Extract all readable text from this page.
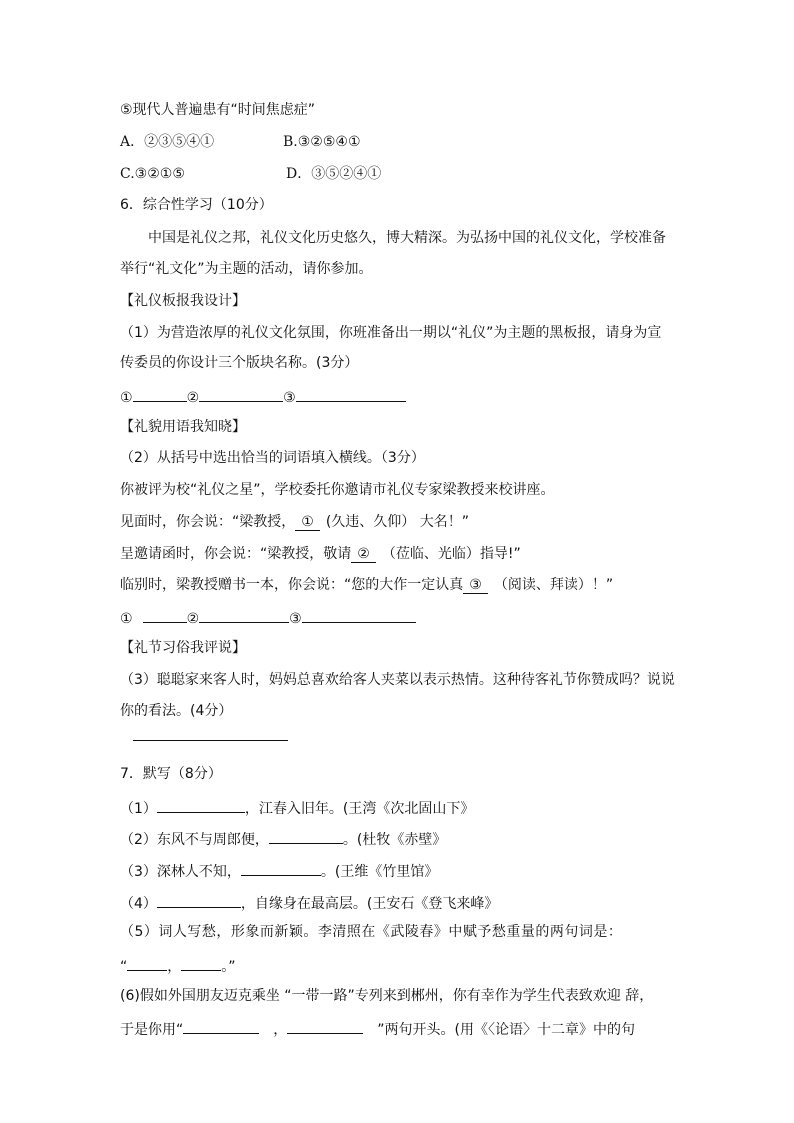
⑤现代人普遍患有“时间焦虑症”
A．②③⑤④①	B.③②⑤④①
C.③②①⑤	D．③⑤②④①
6．综合性学习（10分）
中国是礼仪之邦，礼仪文化历史悠久，博大精深。为弘扬中国的礼仪文化，学校准备
举行“礼文化”为主题的活动，请你参加。
【礼仪板报我设计】
（1）为营造浓厚的礼仪文化氛围，你班准备出一期以“礼仪”为主题的黑板报，请身为宣
传委员的你设计三个版块名称。(3分）
①	②	③
【礼貌用语我知晓】
（2）从括号中选出恰当的词语填入横线。（3分）
你被评为校“礼仪之星”，学校委托你邀请市礼仪专家梁教授来校讲座。
见面时，你会说：“梁教授， ① (久违、久仰） 大名！”
呈邀请函时，你会说：“梁教授，敬请 ② （莅临、光临）指导!”
临别时，梁教授赠书一本，你会说：“您的大作一定认真 ③ （阅读、拜读）！”
①	②	③
【礼节习俗我评说】
（3）聪聪家来客人时，妈妈总喜欢给客人夹菜以表示热情。这种待客礼节你赞成吗？说说
你的看法。(4分）
7．默写（8分）
（1）	，江春入旧年。(王湾《次北固山下》
（2）东风不与周郎便，	。(杜牧《赤壁》
（3）深林人不知，	。(王维《竹里馆》
（4）	，自缘身在最高层。(王安石《登飞来峰》
（5）词人写愁，形象而新颖。李清照在《武陵春》中赋予愁重量的两句词是：
“	，	。”
(6)假如外国朋友迈克乘坐 “一带一路”专列来到郴州，你有幸作为学生代表致欢迎 辞，
于是你用“	，	”两句开头。(用《〈论语〉十二章》中的句
